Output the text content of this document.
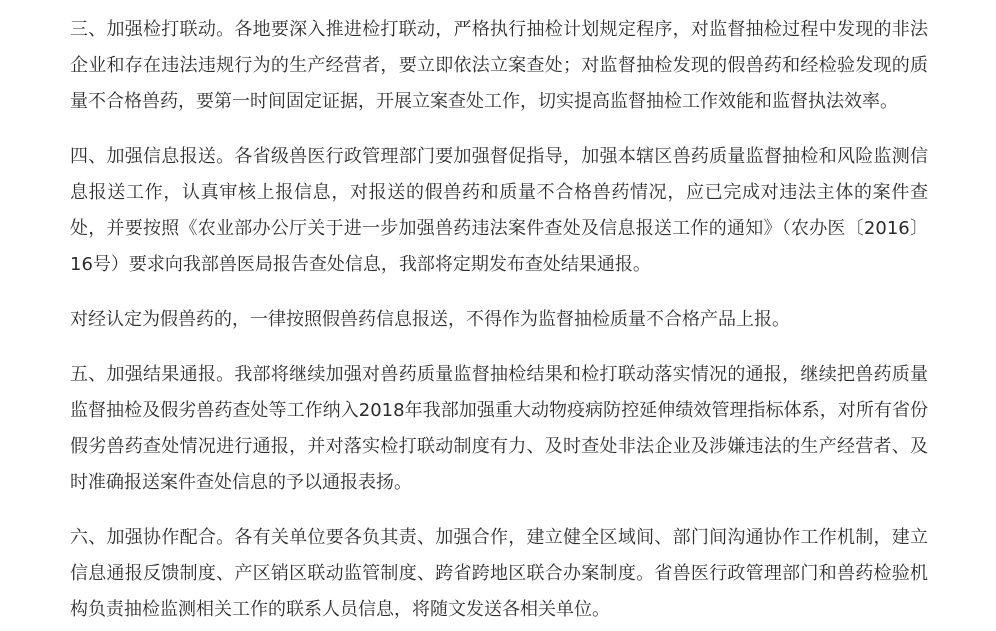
三、加强检打联动。各地要深入推进检打联动，严格执行抽检计划规定程序，对监督抽检过程中发现的非法企业和存在违法违规行为的生产经营者，要立即依法立案查处；对监督抽检发现的假兽药和经检验发现的质量不合格兽药，要第一时间固定证据，开展立案查处工作，切实提高监督抽检工作效能和监督执法效率。

四、加强信息报送。各省级兽医行政管理部门要加强督促指导，加强本辖区兽药质量监督抽检和风险监测信息报送工作，认真审核上报信息，对报送的假兽药和质量不合格兽药情况，应已完成对违法主体的案件查处，并要按照《农业部办公厅关于进一步加强兽药违法案件查处及信息报送工作的通知》（农办医〔2016〕16号）要求向我部兽医局报告查处信息，我部将定期发布查处结果通报。

对经认定为假兽药的，一律按照假兽药信息报送，不得作为监督抽检质量不合格产品上报。

五、加强结果通报。我部将继续加强对兽药质量监督抽检结果和检打联动落实情况的通报，继续把兽药质量监督抽检及假劣兽药查处等工作纳入2018年我部加强重大动物疫病防控延伸绩效管理指标体系，对所有省份假劣兽药查处情况进行通报，并对落实检打联动制度有力、及时查处非法企业及涉嫌违法的生产经营者、及时准确报送案件查处信息的予以通报表扬。

六、加强协作配合。各有关单位要各负其责、加强合作，建立健全区域间、部门间沟通协作工作机制，建立信息通报反馈制度、产区销区联动监管制度、跨省跨地区联合办案制度。省兽医行政管理部门和兽药检验机构负责抽检监测相关工作的联系人员信息，将随文发送各相关单位。
